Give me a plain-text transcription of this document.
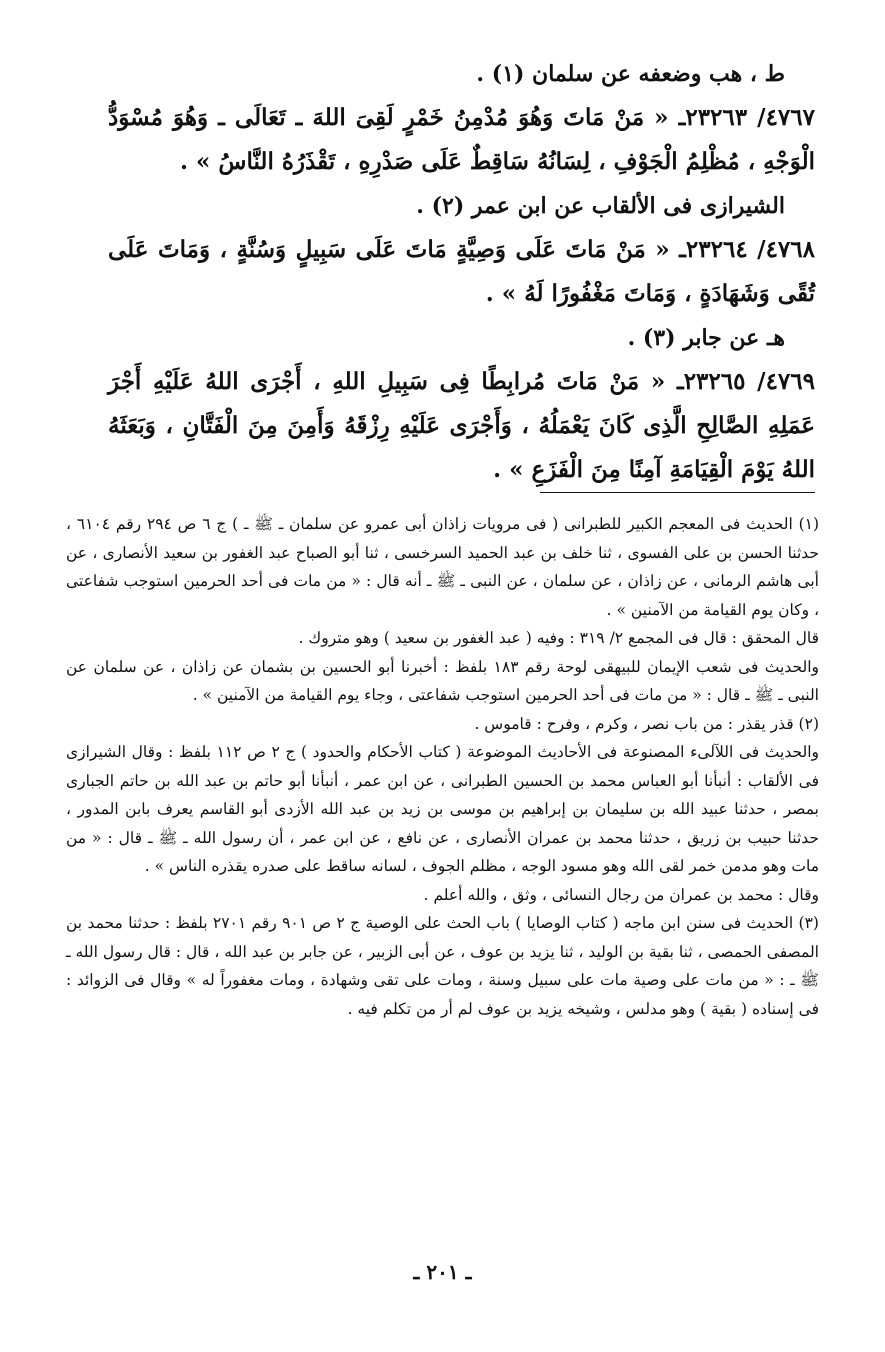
ط ، هب وضعفه عن سلمان (١) .

٤٧٦٧/ ٢٣٢٦٣ـ « مَنْ مَاتَ وَهُوَ مُدْمِنُ خَمْرٍ لَقِىَ اللهَ ـ تَعَالَى ـ وَهُوَ مُسْوَدُّ الْوَجْهِ ، مُظْلِمُ الْجَوْفِ ، لِسَانُهُ سَاقِطٌ عَلَى صَدْرِهِ ، تَقْذَرُهُ النَّاسُ » .

الشيرازى فى الألقاب عن ابن عمر (٢) .

٤٧٦٨/ ٢٣٢٦٤ـ « مَنْ مَاتَ عَلَى وَصِيَّةٍ مَاتَ عَلَى سَبِيلٍ وَسُنَّةٍ ، وَمَاتَ عَلَى تُقًى وَشَهَادَةٍ ، وَمَاتَ مَغْفُورًا لَهُ » .

هـ عن جابر (٣) .

٤٧٦٩/ ٢٣٢٦٥ـ « مَنْ مَاتَ مُرابِطًا فِى سَبِيلِ اللهِ ، أَجْرَى اللهُ عَلَيْهِ أَجْرَ عَمَلِهِ الصَّالِحِ الَّذِى كَانَ يَعْمَلُهُ ، وَأَجْرَى عَلَيْهِ رِزْقَهُ وَأَمِنَ مِنَ الْفَتَّانِ ، وَبَعَثَهُ اللهُ يَوْمَ الْقِيَامَةِ آمِنًا مِنَ الْفَزَعِ » .

(١) الحديث فى المعجم الكبير للطبرانى ( فى مرويات زاذان أبى عمرو عن سلمان ـ ﷺ ـ ) ج ٦ ص ٢٩٤ رقم ٦١٠٤ ، حدثنا الحسن بن على الفسوى ، ثنا خلف بن عبد الحميد السرخسى ، ثنا أبو الصباح عبد الغفور بن سعيد الأنصارى ، عن أبى هاشم الرمانى ، عن زاذان ، عن سلمان ، عن النبى ـ ﷺ ـ أنه قال : « من مات فى أحد الحرمين استوجب شفاعتى ، وكان يوم القيامة من الآمنين » .

قال المحقق : قال فى المجمع ٢/ ٣١٩ : وفيه ( عبد الغفور بن سعيد ) وهو متروك .

والحديث فى شعب الإيمان للبيهقى لوحة رقم ١٨٣ بلفظ : أخبرنا أبو الحسين بن بشمان عن زاذان ، عن سلمان عن النبى ـ ﷺ ـ قال : « من مات فى أحد الحرمين استوجب شفاعتى ، وجاء يوم القيامة من الآمنين » .

(٢) قذر يقذر : من باب نصر ، وكرم ، وفرح : قاموس .

والحديث فى اللآلىء المصنوعة فى الأحاديث الموضوعة ( كتاب الأحكام والحدود ) ج ٢ ص ١١٢ بلفظ : وقال الشيرازى فى الألقاب : أنبأنا أبو العباس محمد بن الحسين الطبرانى ، عن ابن عمر ، أنبأنا أبو حاتم بن عبد الله بن حاتم الجبارى بمصر ، حدثنا عبيد الله بن سليمان بن إبراهيم بن موسى بن زيد بن عبد الله الأزدى أبو القاسم يعرف بابن المدور ، حدثنا حبيب بن زريق ، حدثنا محمد بن عمران الأنصارى ، عن نافع ، عن ابن عمر ، أن رسول الله ـ ﷺ ـ قال : « من مات وهو مدمن خمر لقى الله وهو مسود الوجه ، مظلم الجوف ، لسانه ساقط على صدره يقذره الناس » .

وقال : محمد بن عمران من رجال النسائى ، وثق ، والله أعلم .

(٣) الحديث فى سنن ابن ماجه ( كتاب الوصايا ) باب الحث على الوصية ج ٢ ص ٩٠١ رقم ٢٧٠١ بلفظ : حدثنا محمد بن المصفى الحمصى ، ثنا بقية بن الوليد ، ثنا يزيد بن عوف ، عن أبى الزبير ، عن جابر بن عبد الله ، قال : قال رسول الله ـ ﷺ ـ : « من مات على وصية مات على سبيل وسنة ، ومات على تقى وشهادة ، ومات مغفوراً له » وقال فى الزوائد : فى إسناده ( بقية ) وهو مدلس ، وشيخه يزيد بن عوف لم أر من تكلم فيه .

ـ ٢٠١ ـ
